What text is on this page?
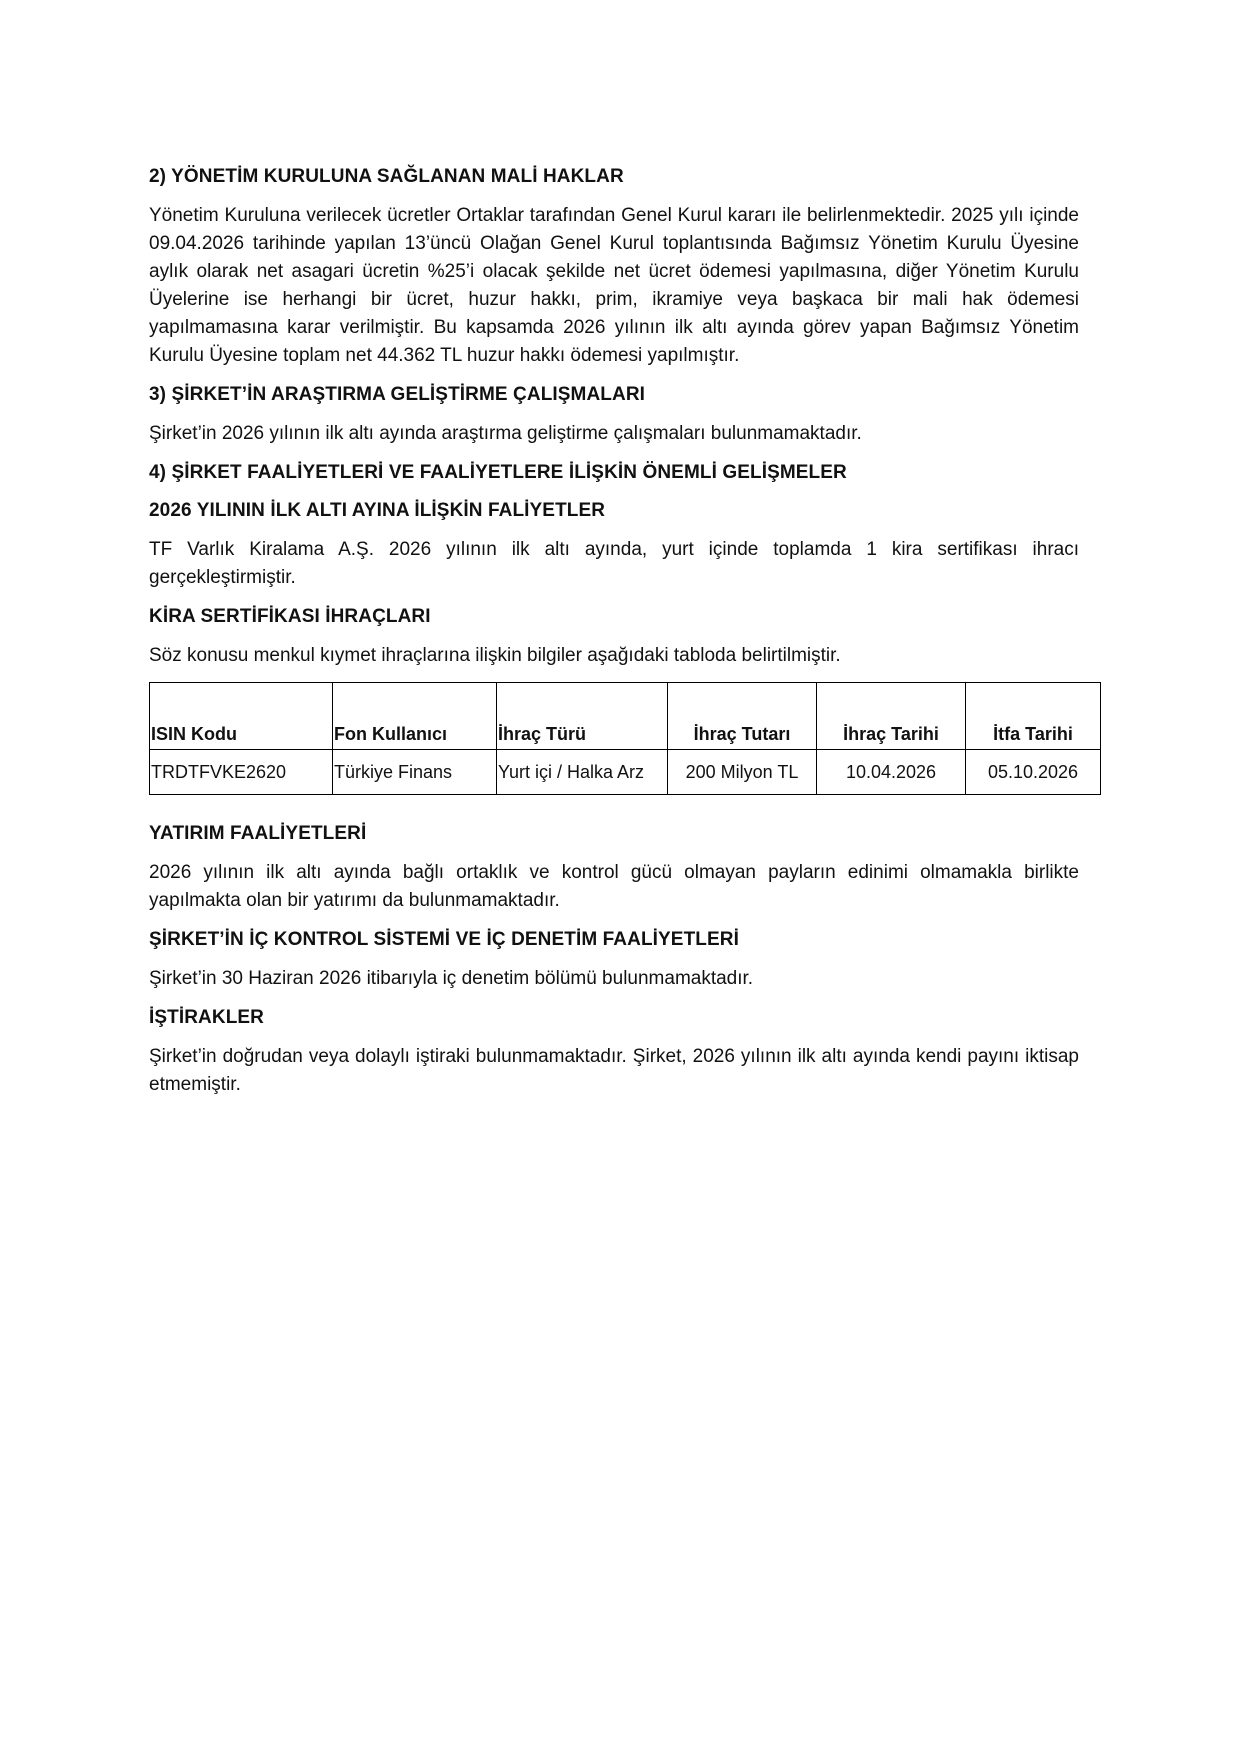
2) YÖNETİM KURULUNA SAĞLANAN MALİ HAKLAR

Yönetim Kuruluna verilecek ücretler Ortaklar tarafından Genel Kurul kararı ile belirlenmektedir. 2025 yılı içinde 09.04.2026 tarihinde yapılan 13’üncü Olağan Genel Kurul toplantısında Bağımsız Yönetim Kurulu Üyesine aylık olarak net asagari ücretin %25’i olacak şekilde net ücret ödemesi yapılmasına, diğer Yönetim Kurulu Üyelerine ise herhangi bir ücret, huzur hakkı, prim, ikramiye veya başkaca bir mali hak ödemesi yapılmamasına karar verilmiştir. Bu kapsamda 2026 yılının ilk altı ayında görev yapan Bağımsız Yönetim Kurulu Üyesine toplam net 44.362 TL huzur hakkı ödemesi yapılmıştır.

3) ŞİRKET’İN ARAŞTIRMA GELİŞTİRME ÇALIŞMALARI

Şirket’in 2026 yılının ilk altı ayında araştırma geliştirme çalışmaları bulunmamaktadır.

4) ŞİRKET FAALİYETLERİ VE FAALİYETLERE İLİŞKİN ÖNEMLİ GELİŞMELER
2026 YILININ İLK ALTI AYINA İLİŞKİN FALİYETLER

TF Varlık Kiralama A.Ş. 2026 yılının ilk altı ayında, yurt içinde toplamda 1 kira sertifikası ihracı gerçekleştirmiştir.

KİRA SERTİFİKASI İHRAÇLARI

Söz konusu menkul kıymet ihraçlarına ilişkin bilgiler aşağıdaki tabloda belirtilmiştir.

ISIN Kodu	Fon Kullanıcı	İhraç Türü	İhraç Tutarı	İhraç Tarihi	İtfa Tarihi
TRDTFVKE2620	Türkiye Finans	Yurt içi / Halka Arz	200 Milyon TL	10.04.2026	05.10.2026
YATIRIM FAALİYETLERİ

2026 yılının ilk altı ayında bağlı ortaklık ve kontrol gücü olmayan payların edinimi olmamakla birlikte yapılmakta olan bir yatırımı da bulunmamaktadır.

ŞİRKET’İN İÇ KONTROL SİSTEMİ VE İÇ DENETİM FAALİYETLERİ

Şirket’in 30 Haziran 2026 itibarıyla iç denetim bölümü bulunmamaktadır.

İŞTİRAKLER

Şirket’in doğrudan veya dolaylı iştiraki bulunmamaktadır. Şirket, 2026 yılının ilk altı ayında kendi payını iktisap etmemiştir.
